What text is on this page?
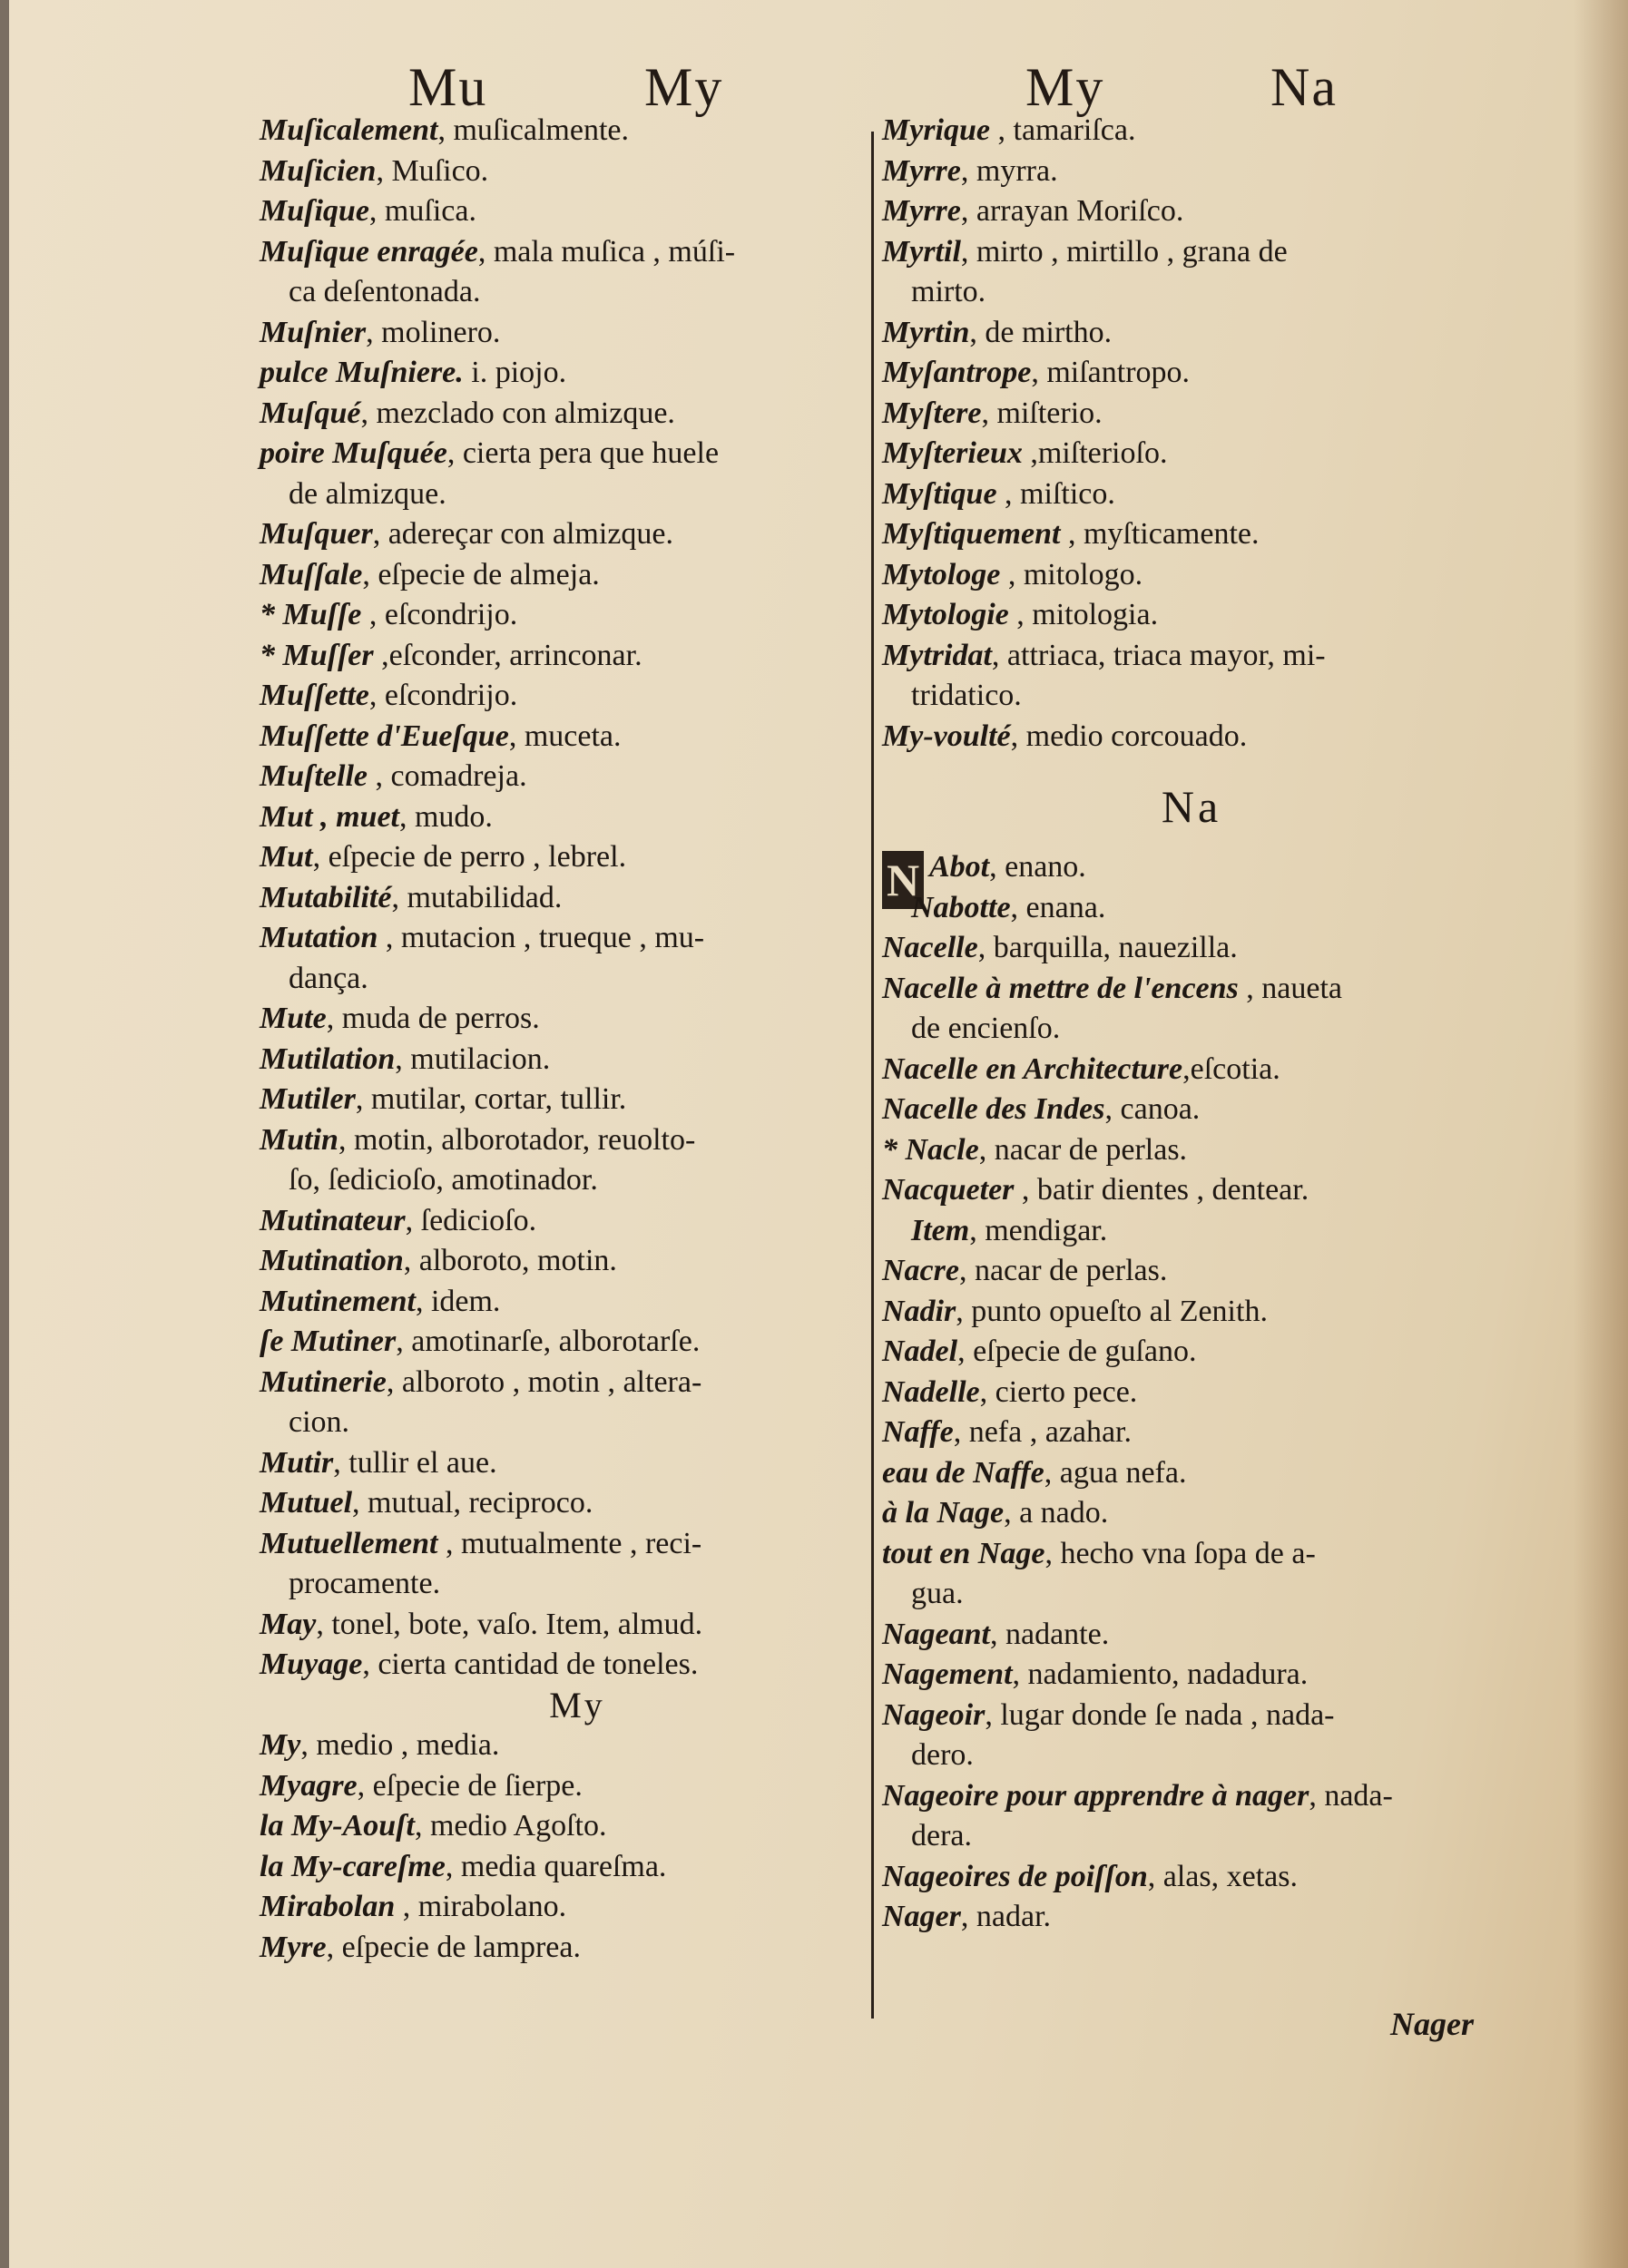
Mu	My	My	Na
Muſicalement, muſicalmente.
Muſicien, Muſico.
Muſique, muſica.
Muſique enragée, mala muſica , múſi-
ca deſentonada.
Muſnier, molinero.
pulce Muſniere. i. piojo.
Muſqué, mezclado con almizque.
poire Muſquée, cierta pera que huele
de almizque.
Muſquer, adereçar con almizque.
Muſſale, eſpecie de almeja.
* Muſſe , eſcondrijo.
* Muſſer ,eſconder, arrinconar.
Muſſette, eſcondrijo.
Muſſette d'Eueſque, muceta.
Muſtelle , comadreja.
Mut , muet, mudo.
Mut, eſpecie de perro , lebrel.
Mutabilité, mutabilidad.
Mutation , mutacion , trueque , mu-
dança.
Mute, muda de perros.
Mutilation, mutilacion.
Mutiler, mutilar, cortar, tullir.
Mutin, motin, alborotador, reuolto-
ſo, ſedicioſo, amotinador.
Mutinateur, ſedicioſo.
Mutination, alboroto, motin.
Mutinement, idem.
ſe Mutiner, amotinarſe, alborotarſe.
Mutinerie, alboroto , motin , altera-
cion.
Mutir, tullir el aue.
Mutuel, mutual, reciproco.
Mutuellement , mutualmente , reci-
procamente.
May, tonel, bote, vaſo. Item, almud.
Muyage, cierta cantidad de toneles.
My
My, medio , media.
Myagre, eſpecie de ſierpe.
la My-Aouſt, medio Agoſto.
la My-careſme, media quareſma.
Mirabolan , mirabolano.
Myre, eſpecie de lamprea.
Myrique , tamariſca.
Myrre, myrra.
Myrre, arrayan Moriſco.
Myrtil, mirto , mirtillo , grana de
mirto.
Myrtin, de mirtho.
Myſantrope, miſantropo.
Myſtere, miſterio.
Myſterieux ,miſterioſo.
Myſtique , miſtico.
Myſtiquement , myſticamente.
Mytologe , mitologo.
Mytologie , mitologia.
Mytridat, attriaca, triaca mayor, mi-
tridatico.
My-voulté, medio corcouado.
Na
N Abot, enano.
Nabotte, enana.
Nacelle, barquilla, nauezilla.
Nacelle à mettre de l'encens , naueta
de encienſo.
Nacelle en Architecture,eſcotia.
Nacelle des Indes, canoa.
* Nacle, nacar de perlas.
Nacqueter , batir dientes , dentear.
Item, mendigar.
Nacre, nacar de perlas.
Nadir, punto opueſto al Zenith.
Nadel, eſpecie de guſano.
Nadelle, cierto pece.
Naffe, nefa , azahar.
eau de Naffe, agua nefa.
à la Nage, a nado.
tout en Nage, hecho vna ſopa de a-
gua.
Nageant, nadante.
Nagement, nadamiento, nadadura.
Nageoir, lugar donde ſe nada , nada-
dero.
Nageoire pour apprendre à nager, nada-
dera.
Nageoires de poiſſon, alas, xetas.
Nager, nadar.
Nager
